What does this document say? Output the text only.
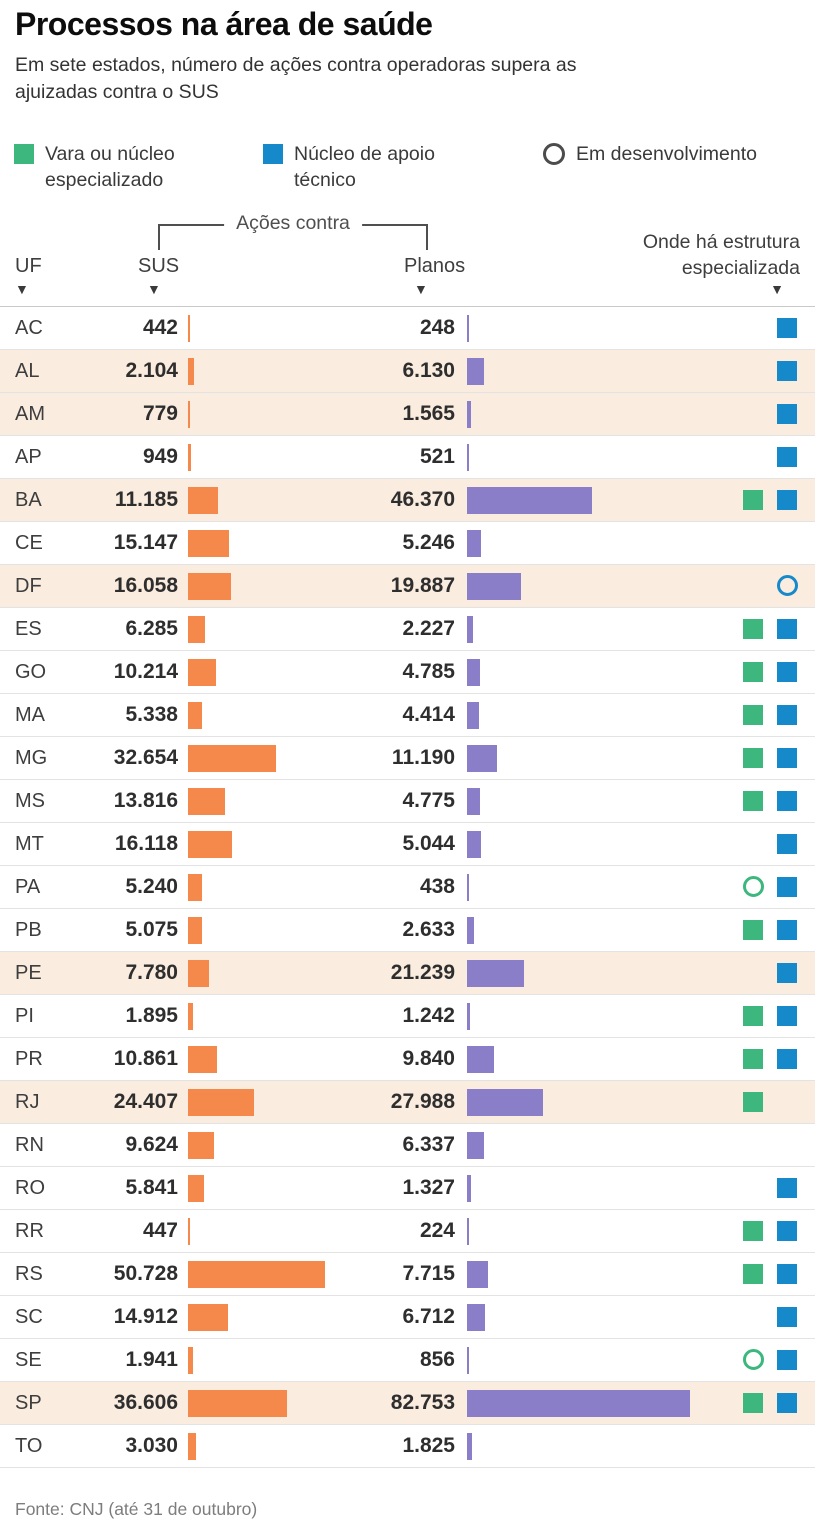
Processos na área de saúde

Em sete estados, número de ações contra operadoras supera as ajuizadas contra o SUS

Vara ou núcleo especializado
Núcleo de apoio técnico
Em desenvolvimento
Ações contra
UF	SUS	Planos
Onde há estrutura especializada
▼	▼	▼	▼
AC	442	248
AL	2.104	6.130
AM	779	1.565
AP	949	521
BA	11.185	46.370
CE	15.147	5.246
DF	16.058	19.887
ES	6.285	2.227
GO	10.214	4.785
MA	5.338	4.414
MG	32.654	11.190
MS	13.816	4.775
MT	16.118	5.044
PA	5.240	438
PB	5.075	2.633
PE	7.780	21.239
PI	1.895	1.242
PR	10.861	9.840
RJ	24.407	27.988
RN	9.624	6.337
RO	5.841	1.327
RR	447	224
RS	50.728	7.715
SC	14.912	6.712
SE	1.941	856
SP	36.606	82.753
TO	3.030	1.825

Fonte: CNJ (até 31 de outubro)
